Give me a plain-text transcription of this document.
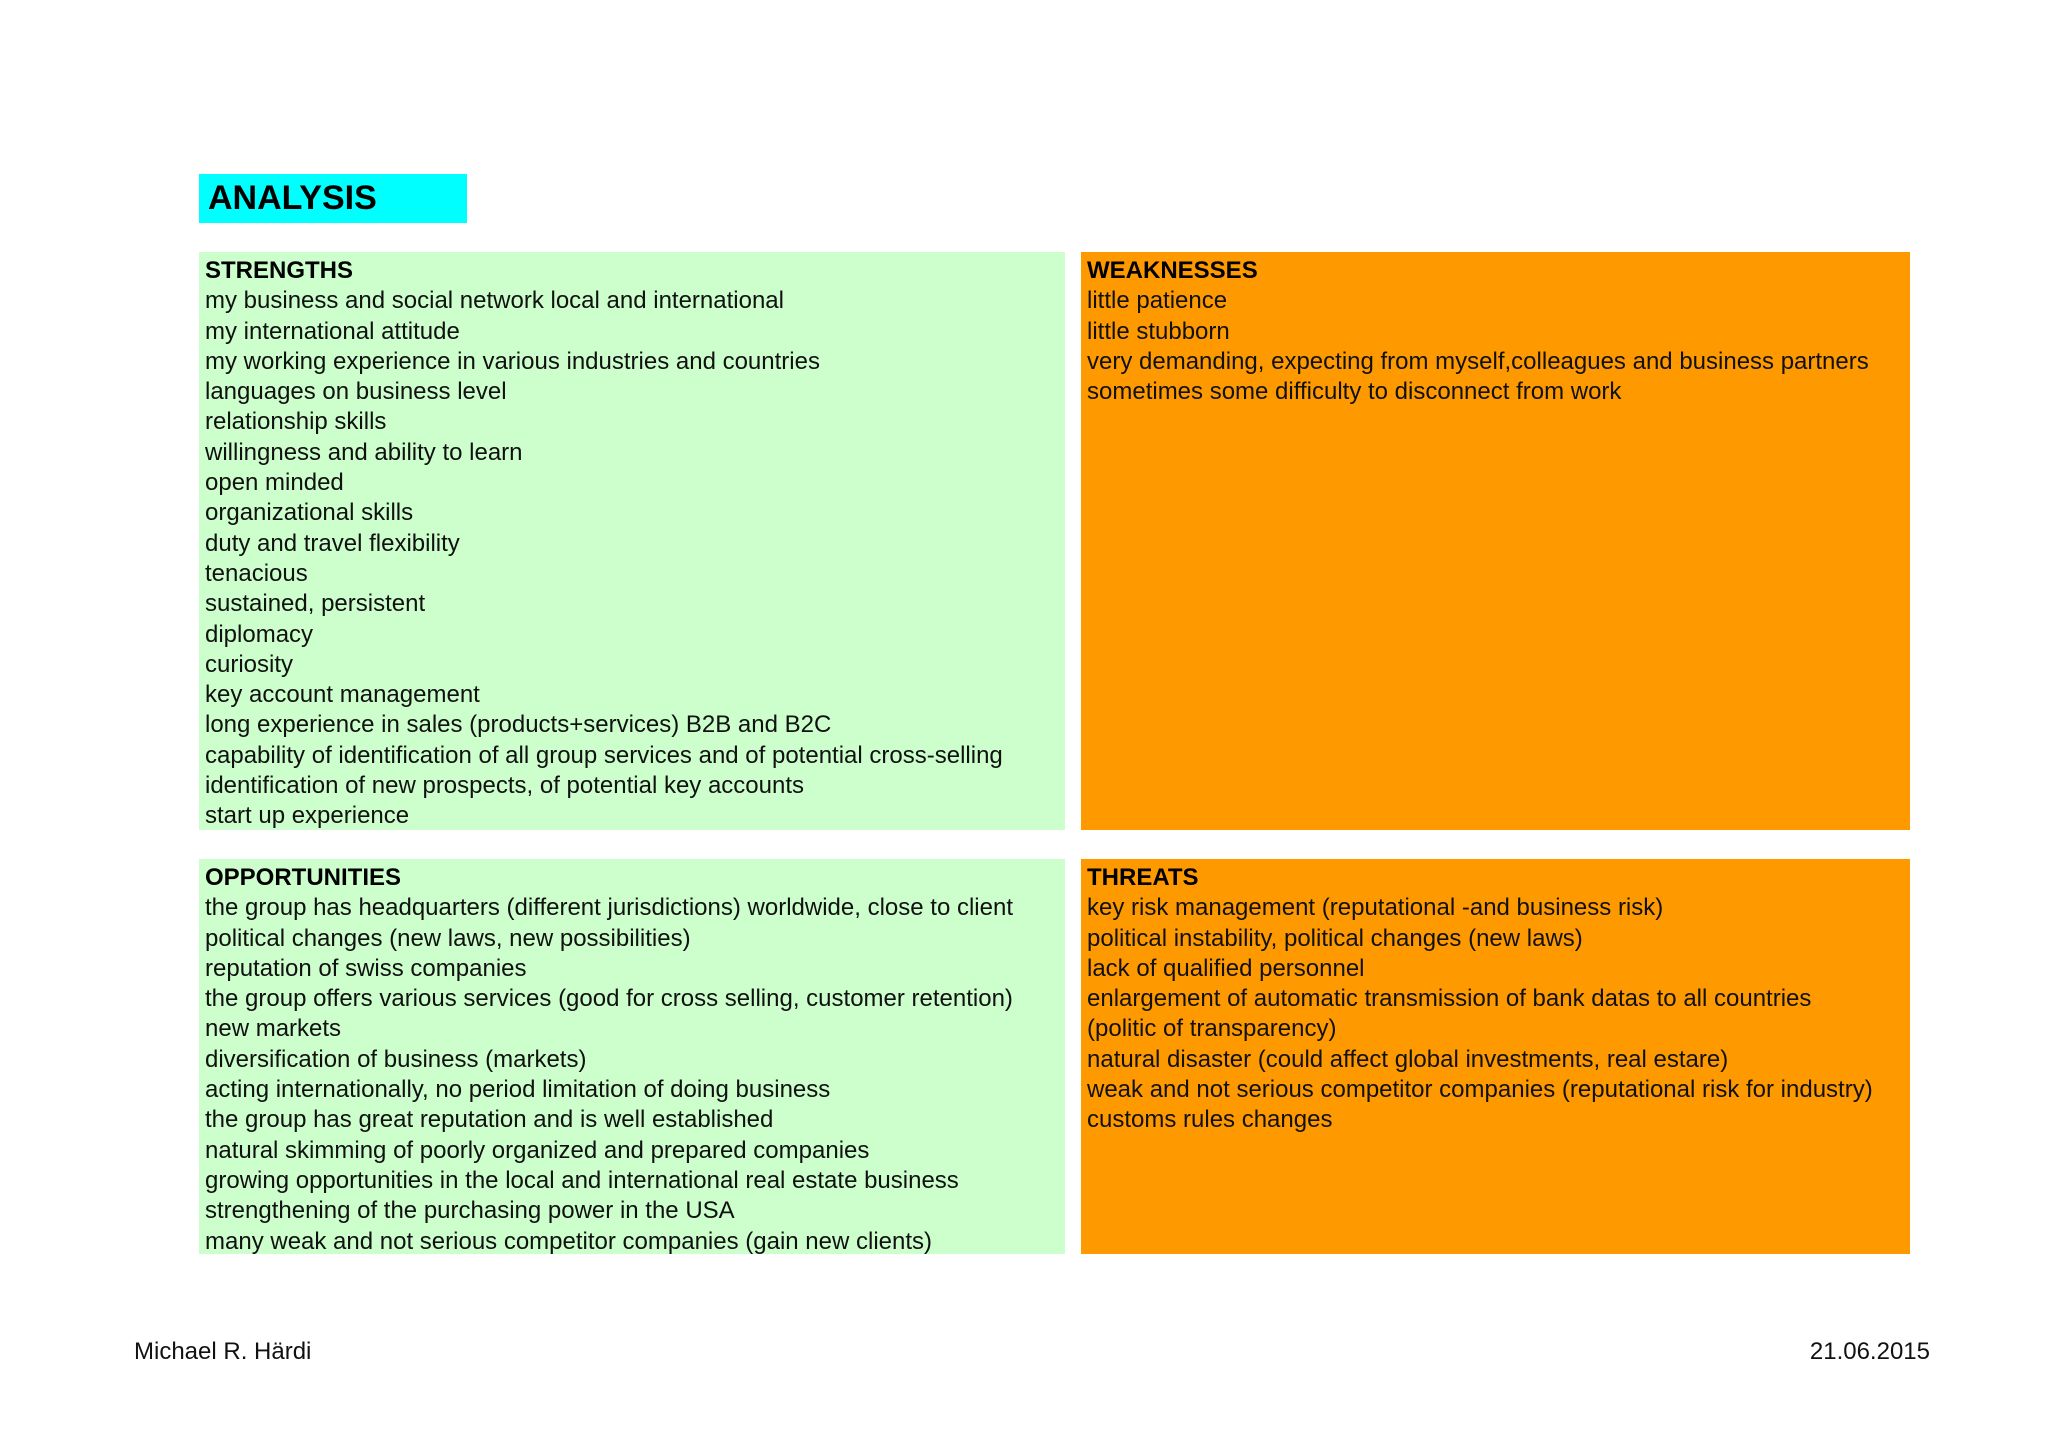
ANALYSIS
STRENGTHS
my business and social network local and international
my international attitude
my working experience in various industries and countries
languages on business level
relationship skills
willingness and ability to learn
open minded
organizational skills
duty and travel flexibility
tenacious
sustained, persistent
diplomacy
curiosity
key account management
long experience in sales (products+services) B2B and B2C
capability of identification of all group services and of potential cross-selling
identification of new prospects, of potential key accounts
start up experience
WEAKNESSES
little patience
little stubborn
very demanding, expecting from myself,colleagues and business partners
sometimes some difficulty to disconnect from work
OPPORTUNITIES
the group has headquarters (different jurisdictions) worldwide, close to client
political changes (new laws, new possibilities)
reputation of swiss companies
the group offers various services (good for cross selling, customer retention)
new markets
diversification of business (markets)
acting internationally, no period limitation of doing business
the group has great reputation and is well established
natural skimming of poorly organized and prepared companies
growing opportunities in the local and international real estate business
strengthening of the purchasing power in the USA
many weak and not serious competitor companies (gain new clients)
THREATS
key risk management (reputational -and business risk)
political instability, political changes (new laws)
lack of qualified personnel
enlargement of automatic transmission of bank datas to all countries
(politic of transparency)
natural disaster (could affect global investments, real estare)
weak and not serious competitor companies (reputational risk for industry)
customs rules changes
Michael R. Härdi	21.06.2015
